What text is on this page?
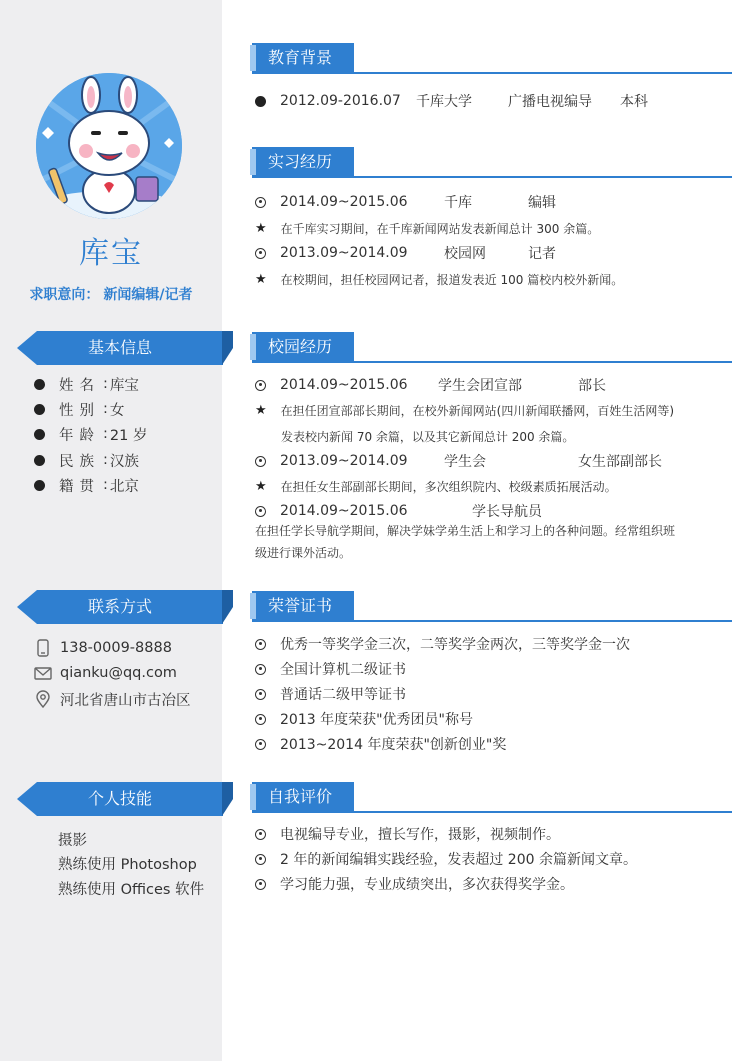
库宝
求职意向： 新闻编辑/记者
基本信息
姓名 : 库宝
性别 : 女
年龄 : 21 岁
民族 : 汉族
籍贯 : 北京
联系方式
138-0009-8888
qianku@qq.com
河北省唐山市古冶区
个人技能
摄影
熟练使用 Photoshop
熟练使用 Offices 软件
教育背景
2012.09-2016.07	千库大学	广播电视编导	本科
实习经历
2014.09~2015.06	千库	编辑
★ 在千库实习期间，在千库新闻网站发表新闻总计 300 余篇。
2013.09~2014.09	校园网	记者
★ 在校期间，担任校园网记者，报道发表近 100 篇校内校外新闻。
校园经历
2014.09~2015.06	学生会团宣部	部长
★ 在担任团宣部部长期间，在校外新闻网站(四川新闻联播网，百姓生活网等)
发表校内新闻 70 余篇，以及其它新闻总计 200 余篇。
2013.09~2014.09	学生会	女生部副部长
★ 在担任女生部副部长期间，多次组织院内、校级素质拓展活动。
2014.09~2015.06	学长导航员
在担任学长导航学期间，解决学妹学弟生活上和学习上的各种问题。经常组织班
级进行课外活动。
荣誉证书
优秀一等奖学金三次，二等奖学金两次，三等奖学金一次
全国计算机二级证书
普通话二级甲等证书
2013 年度荣获"优秀团员"称号
2013~2014 年度荣获"创新创业"奖
自我评价
电视编导专业，擅长写作，摄影，视频制作。
2 年的新闻编辑实践经验，发表超过 200 余篇新闻文章。
学习能力强，专业成绩突出，多次获得奖学金。
